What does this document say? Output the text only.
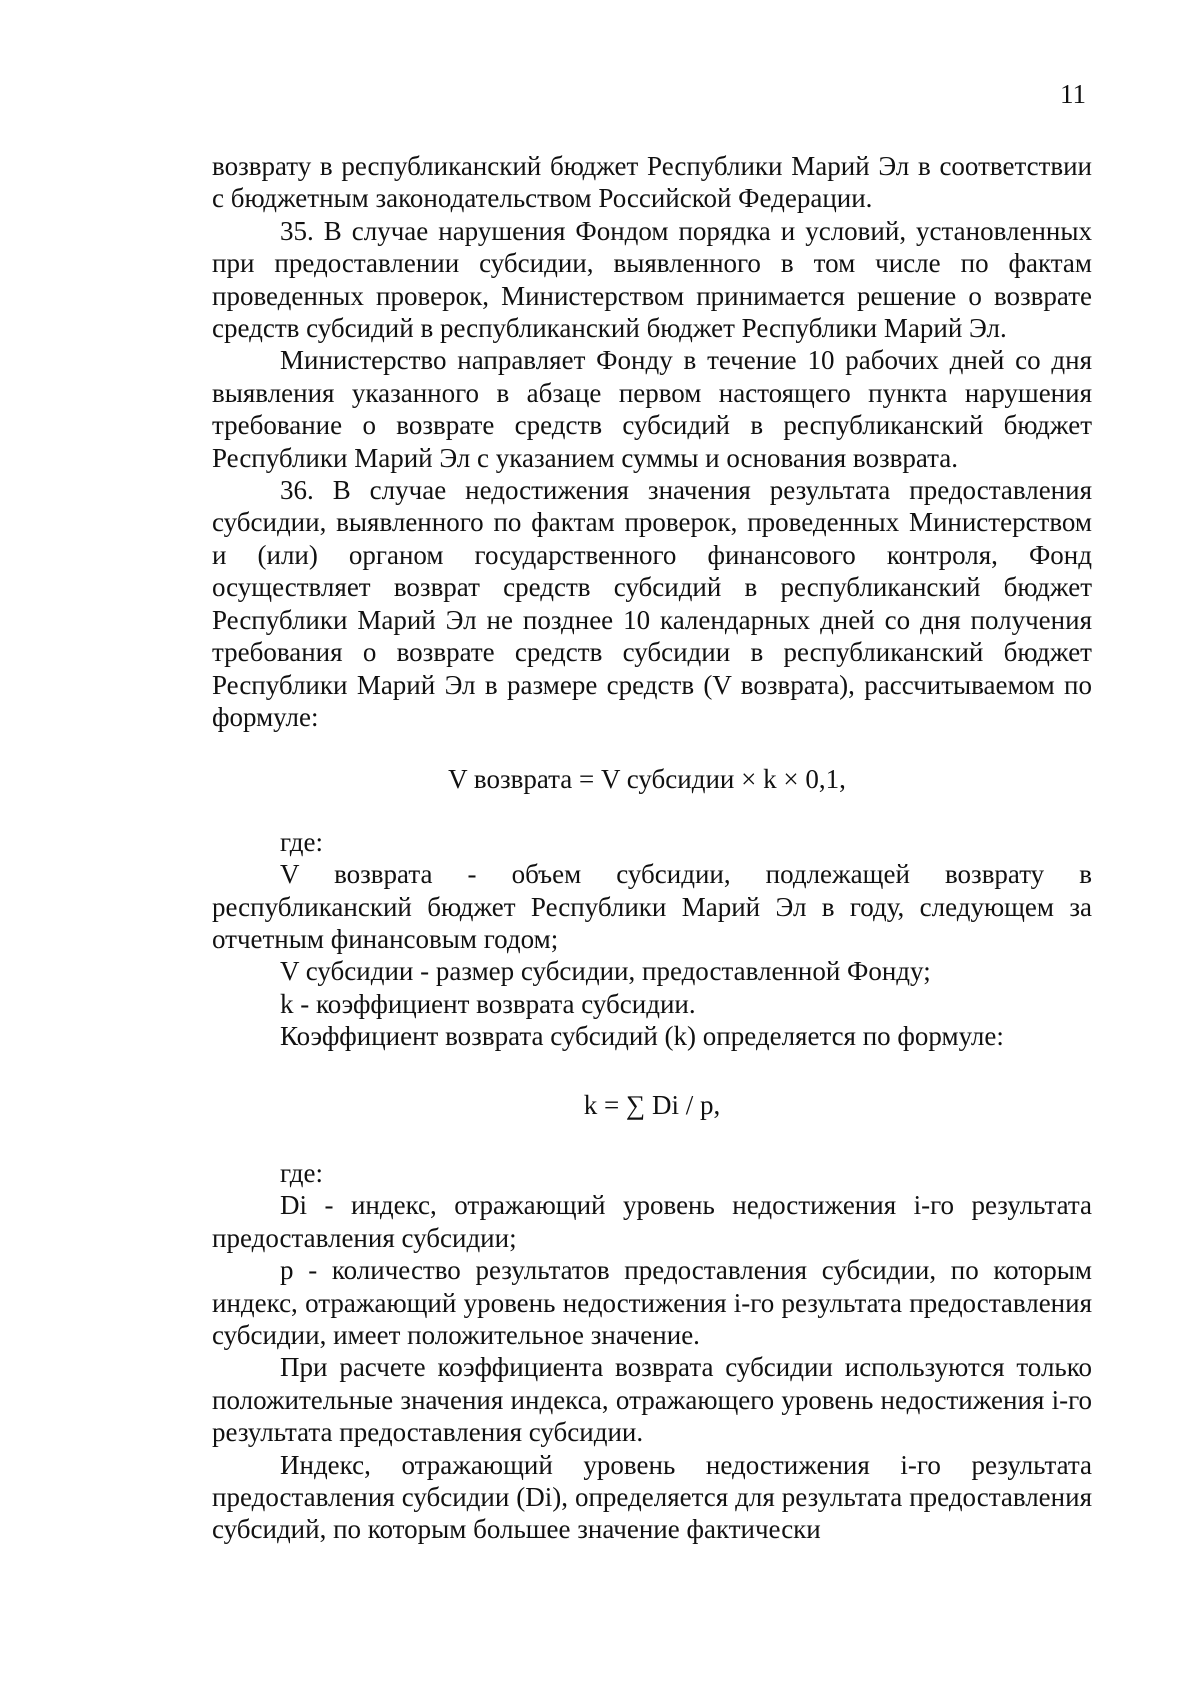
11

возврату в республиканский бюджет Республики Марий Эл в соответствии с бюджетным законодательством Российской Федерации.

35. В случае нарушения Фондом порядка и условий, установленных при предоставлении субсидии, выявленного в том числе по фактам проведенных проверок, Министерством принимается решение о возврате средств субсидий в республиканский бюджет Республики Марий Эл.

Министерство направляет Фонду в течение 10 рабочих дней со дня выявления указанного в абзаце первом настоящего пункта нарушения требование о возврате средств субсидий в республиканский бюджет Республики Марий Эл с указанием суммы и основания возврата.

36. В случае недостижения значения результата предоставления субсидии, выявленного по фактам проверок, проведенных Министерством и (или) органом государственного финансового контроля, Фонд осуществляет возврат средств субсидий в республиканский бюджет Республики Марий Эл не позднее 10 календарных дней со дня получения требования о возврате средств субсидии в республиканский бюджет Республики Марий Эл в размере средств (V возврата), рассчитываемом по формуле:

V возврата = V субсидии × k × 0,1,

где:

V возврата - объем субсидии, подлежащей возврату в республиканский бюджет Республики Марий Эл в году, следующем за отчетным финансовым годом;

V субсидии - размер субсидии, предоставленной Фонду;

k - коэффициент возврата субсидии.

Коэффициент возврата субсидий (k) определяется по формуле:

k = ∑ Di / p,

где:

Di - индекс, отражающий уровень недостижения i-го результата предоставления субсидии;

p - количество результатов предоставления субсидии, по которым индекс, отражающий уровень недостижения i-го результата предоставления субсидии, имеет положительное значение.

При расчете коэффициента возврата субсидии используются только положительные значения индекса, отражающего уровень недостижения i-го результата предоставления субсидии.

Индекс, отражающий уровень недостижения i-го результата предоставления субсидии (Di), определяется для результата предоставления субсидий, по которым большее значение фактически
